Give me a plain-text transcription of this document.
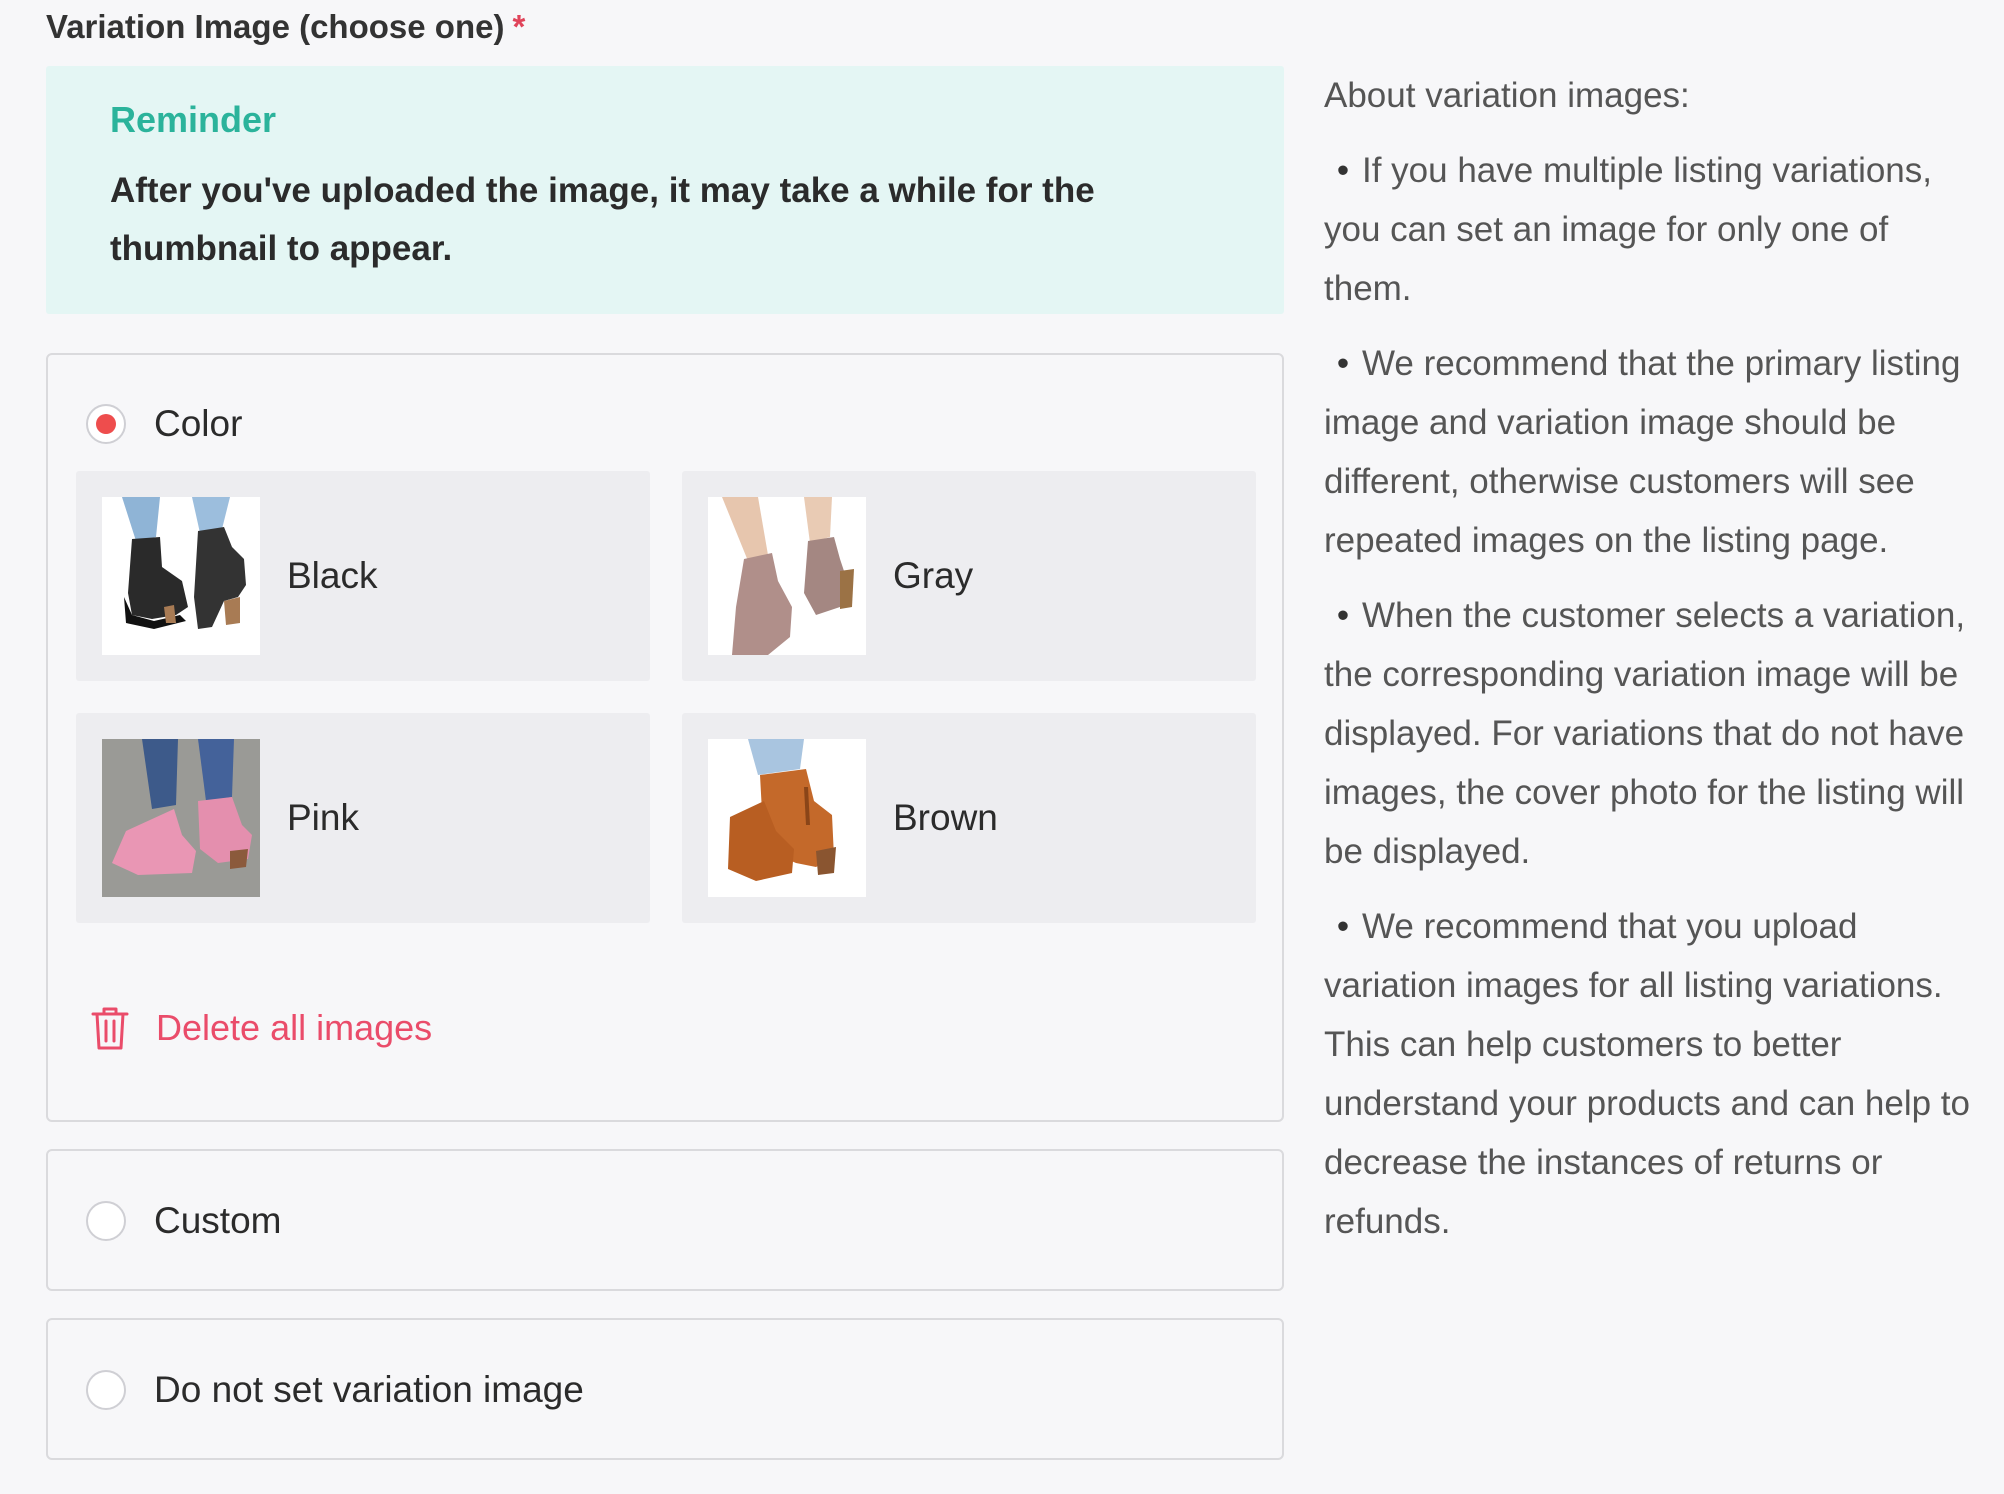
Variation Image (choose one) *
Reminder
After you've uploaded the image, it may take a while for the thumbnail to appear.
Color
Black	Gray
Pink	Brown
Delete all images
Custom
Do not set variation image
About variation images:
• If you have multiple listing variations, you can set an image for only one of them.
• We recommend that the primary listing image and variation image should be different, otherwise customers will see repeated images on the listing page.
• When the customer selects a variation, the corresponding variation image will be displayed. For variations that do not have images, the cover photo for the listing will be displayed.
• We recommend that you upload variation images for all listing variations. This can help customers to better understand your products and can help to decrease the instances of returns or refunds.
